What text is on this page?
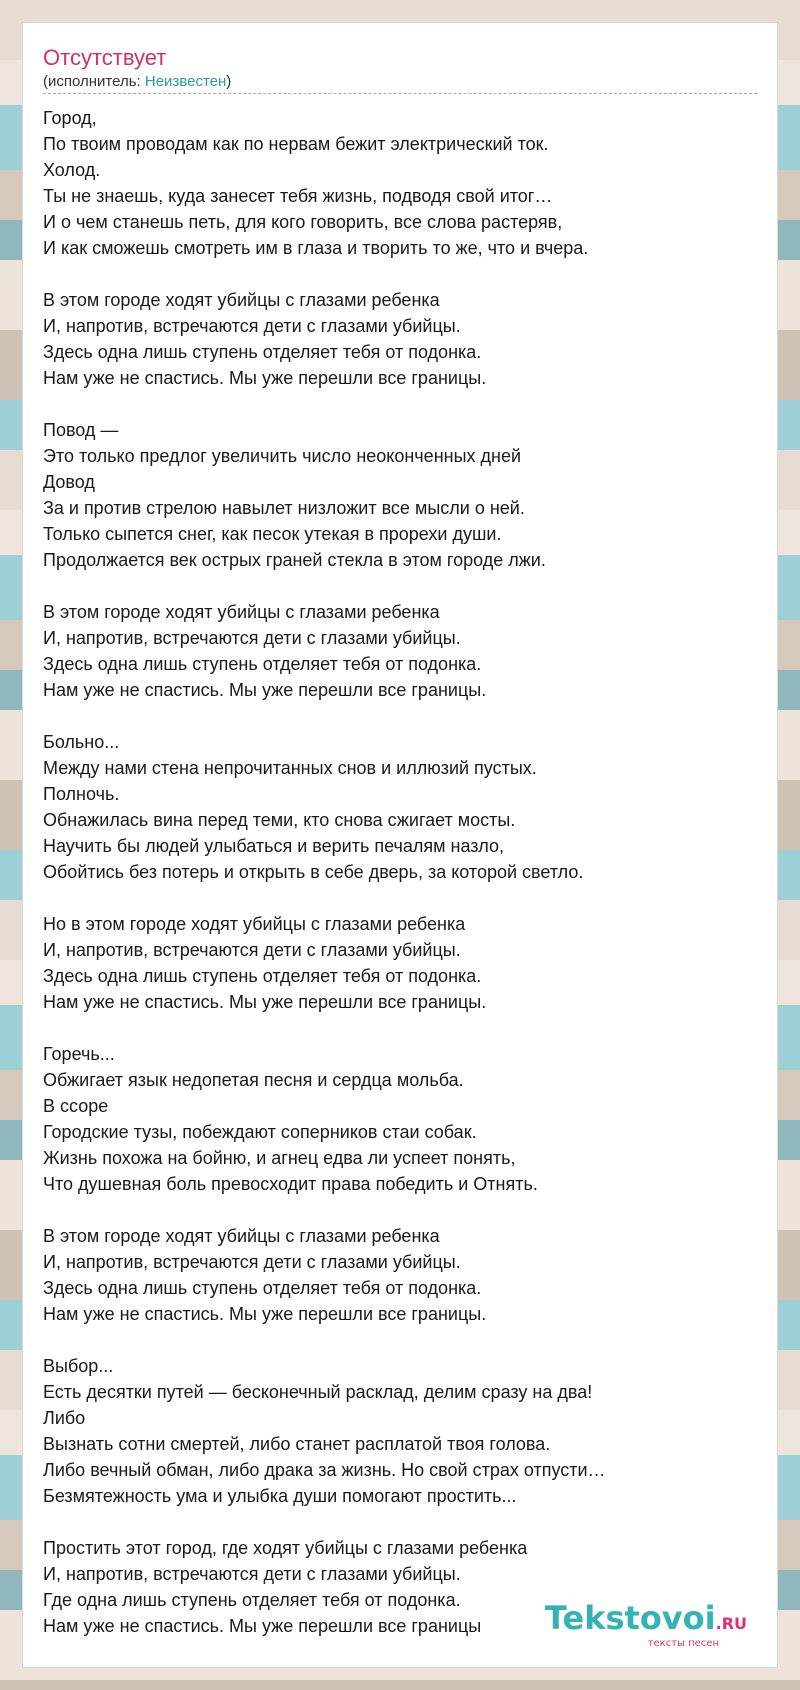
Отсутствует
(исполнитель: Неизвестен)
Город,
По твоим проводам как по нервам бежит электрический ток.
Холод.
Ты не знаешь, куда занесет тебя жизнь, подводя свой итог…
И о чем станешь петь, для кого говорить, все слова растеряв,
И как сможешь смотреть им в глаза и творить то же, что и вчера.
В этом городе ходят убийцы с глазами ребенка
И, напротив, встречаются дети с глазами убийцы.
Здесь одна лишь ступень отделяет тебя от подонка.
Нам уже не спастись. Мы уже перешли все границы.
Повод —
Это только предлог увеличить число неоконченных дней
Довод
За и против стрелою навылет низложит все мысли о ней.
Только сыпется снег, как песок утекая в прорехи души.
Продолжается век острых граней стекла в этом городе лжи.
В этом городе ходят убийцы с глазами ребенка
И, напротив, встречаются дети с глазами убийцы.
Здесь одна лишь ступень отделяет тебя от подонка.
Нам уже не спастись. Мы уже перешли все границы.
Больно...
Между нами стена непрочитанных снов и иллюзий пустых.
Полночь.
Обнажилась вина перед теми, кто снова сжигает мосты.
Научить бы людей улыбаться и верить печалям назло,
Обойтись без потерь и открыть в себе дверь, за которой светло.
Но в этом городе ходят убийцы с глазами ребенка
И, напротив, встречаются дети с глазами убийцы.
Здесь одна лишь ступень отделяет тебя от подонка.
Нам уже не спастись. Мы уже перешли все границы.
Горечь...
Обжигает язык недопетая песня и сердца мольба.
В ссоре
Городские тузы, побеждают соперников стаи собак.
Жизнь похожа на бойню, и агнец едва ли успеет понять,
Что душевная боль превосходит права победить и Отнять.
В этом городе ходят убийцы с глазами ребенка
И, напротив, встречаются дети с глазами убийцы.
Здесь одна лишь ступень отделяет тебя от подонка.
Нам уже не спастись. Мы уже перешли все границы.
Выбор...
Есть десятки путей — бесконечный расклад, делим сразу на два!
Либо
Вызнать сотни смертей, либо станет расплатой твоя голова.
Либо вечный обман, либо драка за жизнь. Но свой страх отпусти…
Безмятежность ума и улыбка души помогают простить...
Простить этот город, где ходят убийцы с глазами ребенка
И, напротив, встречаются дети с глазами убийцы.
Где одна лишь ступень отделяет тебя от подонка.
Нам уже не спастись. Мы уже перешли все границы	Tekstovoi.RU
тексты песен
